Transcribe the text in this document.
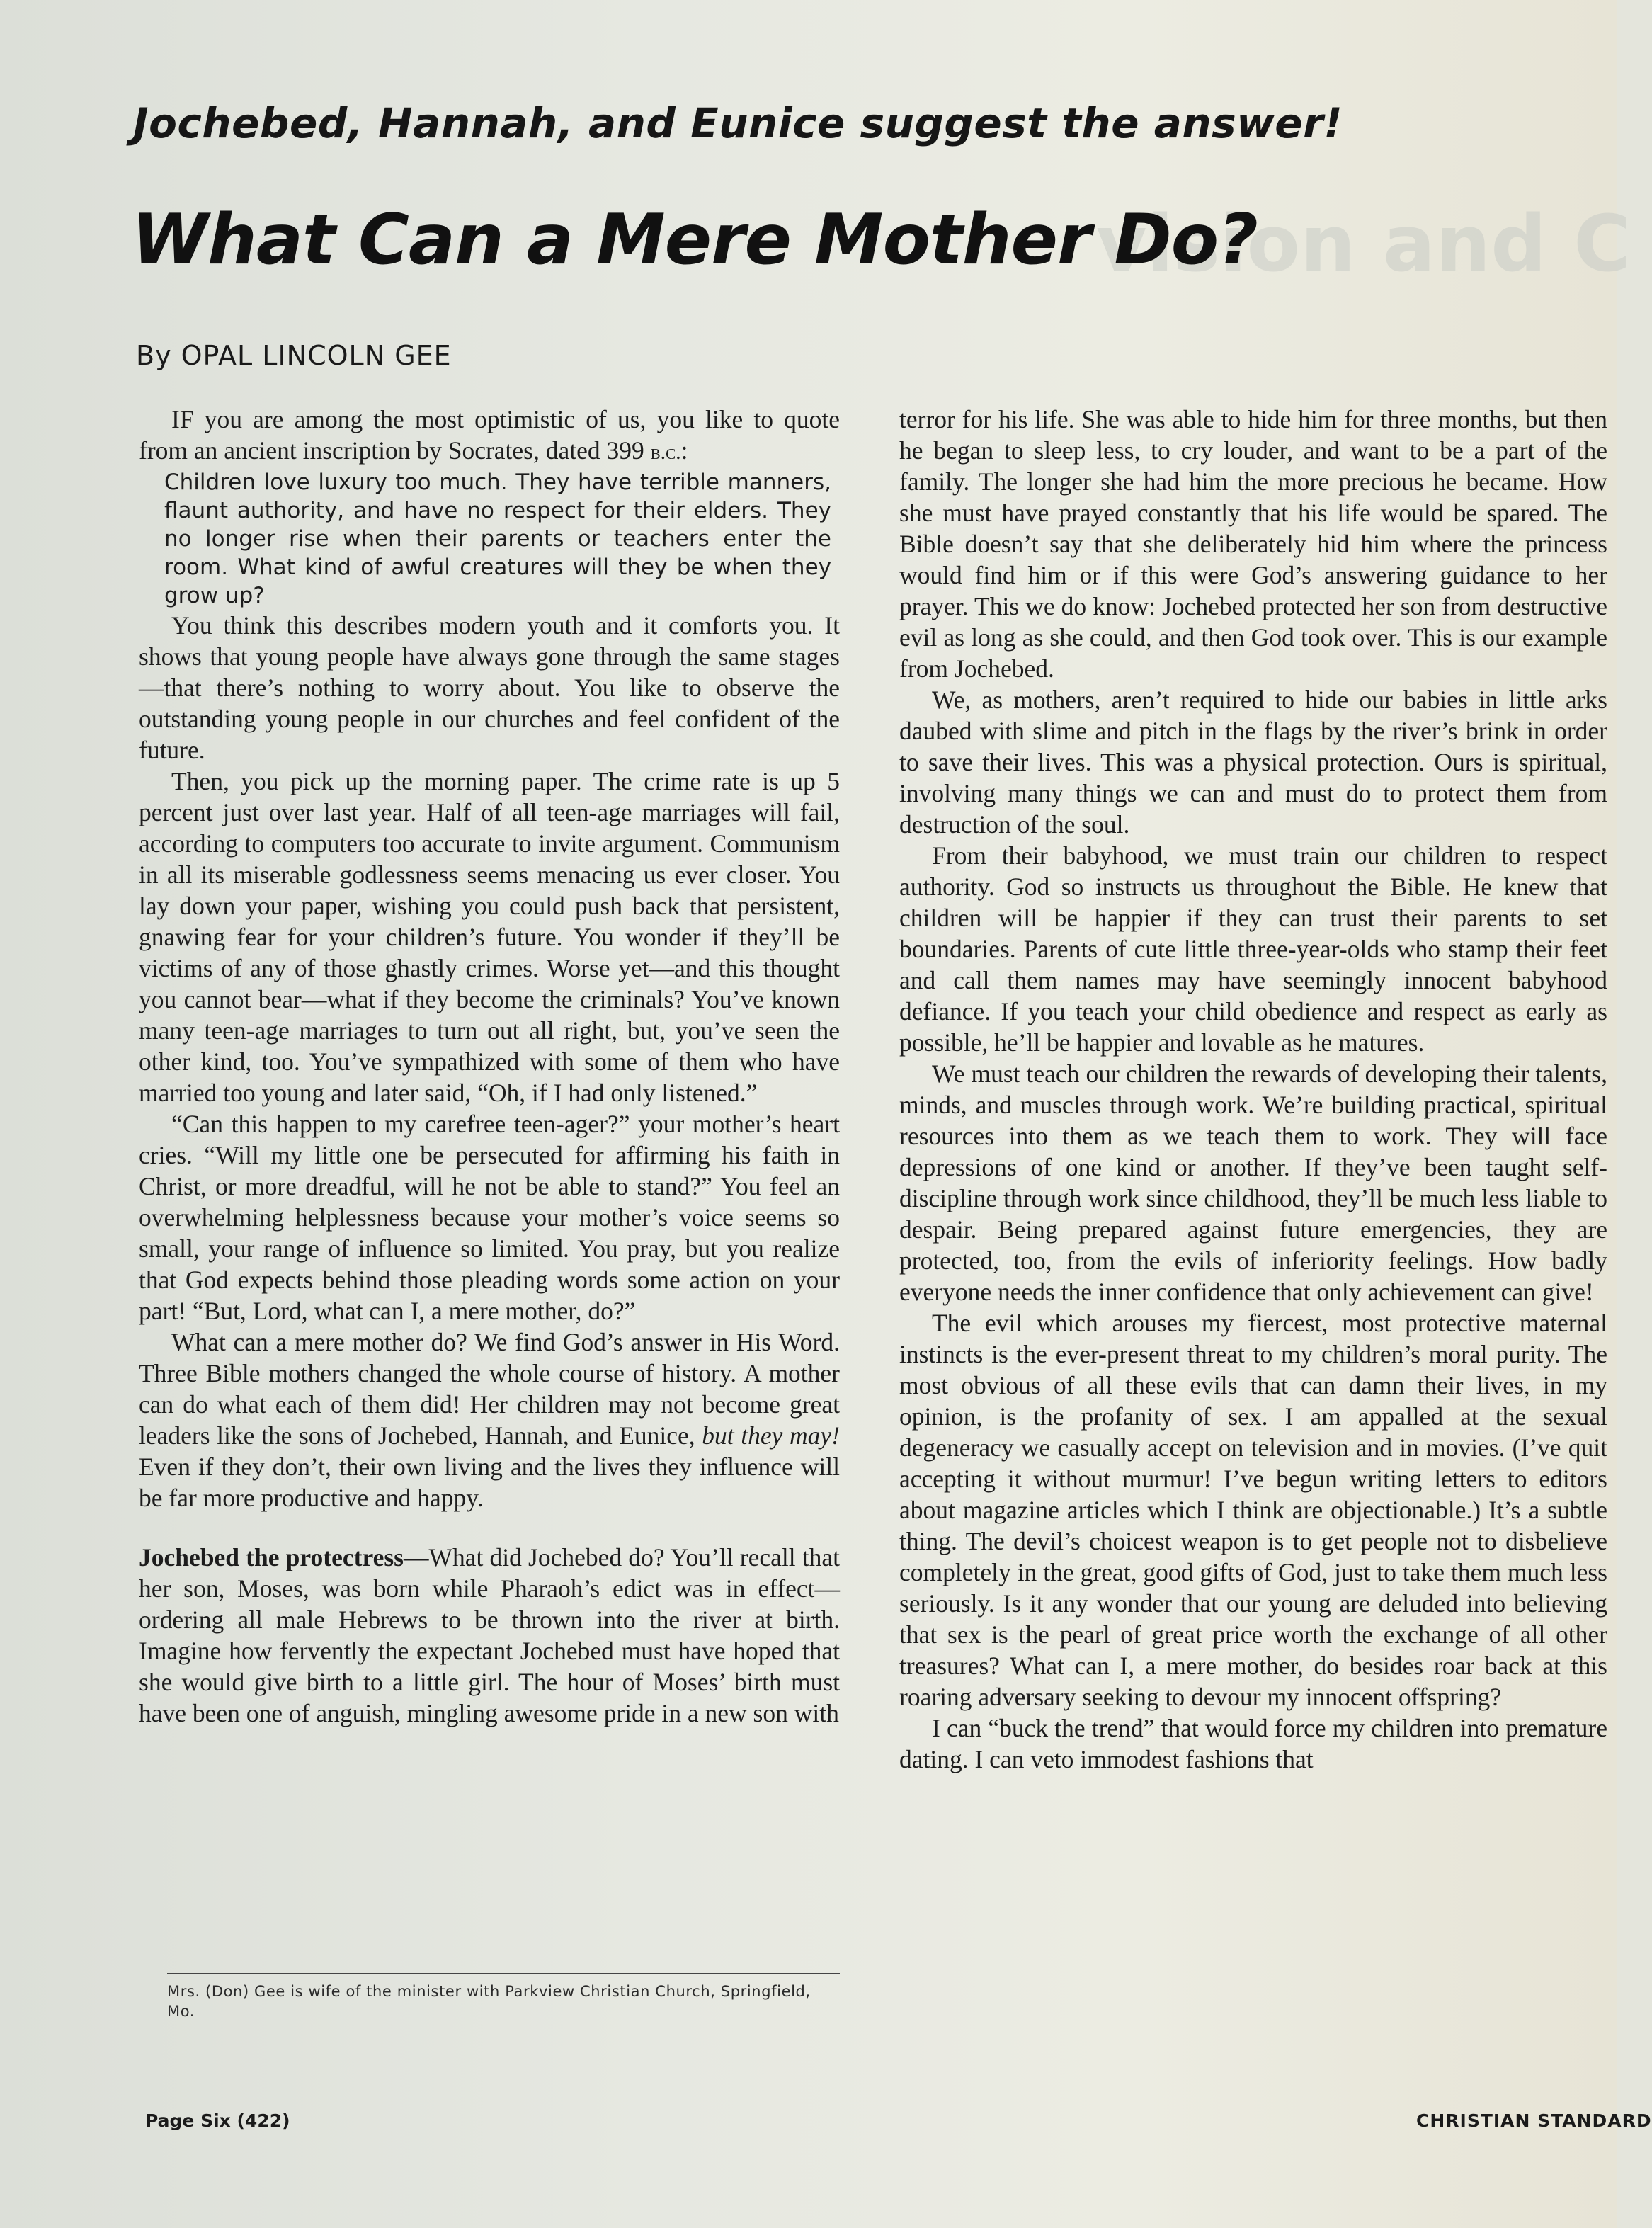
vision and C
Jochebed, Hannah, and Eunice suggest the answer!
What Can a Mere Mother Do?
By OPAL LINCOLN GEE

IF you are among the most optimistic of us, you like to quote from an ancient inscription by Socrates, dated 399 b.c.:

Children love luxury too much. They have terrible manners, flaunt authority, and have no respect for their elders. They no longer rise when their parents or teachers enter the room. What kind of awful creatures will they be when they grow up?

You think this describes modern youth and it comforts you. It shows that young people have always gone through the same stages—that there’s nothing to worry about. You like to observe the outstanding young people in our churches and feel confident of the future.

Then, you pick up the morning paper. The crime rate is up 5 percent just over last year. Half of all teen-age marriages will fail, according to computers too accurate to invite argument. Communism in all its miserable godlessness seems menacing us ever closer. You lay down your paper, wishing you could push back that persistent, gnawing fear for your children’s future. You wonder if they’ll be victims of any of those ghastly crimes. Worse yet—and this thought you cannot bear—what if they become the criminals? You’ve known many teen-age marriages to turn out all right, but, you’ve seen the other kind, too. You’ve sympathized with some of them who have married too young and later said, “Oh, if I had only listened.”

“Can this happen to my carefree teen-ager?” your mother’s heart cries. “Will my little one be persecuted for affirming his faith in Christ, or more dreadful, will he not be able to stand?” You feel an overwhelming helplessness because your mother’s voice seems so small, your range of influence so limited. You pray, but you realize that God expects behind those pleading words some action on your part! “But, Lord, what can I, a mere mother, do?”

What can a mere mother do? We find God’s answer in His Word. Three Bible mothers changed the whole course of history. A mother can do what each of them did! Her children may not become great leaders like the sons of Jochebed, Hannah, and Eunice, but they may! Even if they don’t, their own living and the lives they influence will be far more productive and happy.

Jochebed the protectress—What did Jochebed do? You’ll recall that her son, Moses, was born while Pharaoh’s edict was in effect—ordering all male Hebrews to be thrown into the river at birth. Imagine how fervently the expectant Jochebed must have hoped that she would give birth to a little girl. The hour of Moses’ birth must have been one of anguish, mingling awesome pride in a new son with

terror for his life. She was able to hide him for three months, but then he began to sleep less, to cry louder, and want to be a part of the family. The longer she had him the more precious he became. How she must have prayed constantly that his life would be spared. The Bible doesn’t say that she deliberately hid him where the princess would find him or if this were God’s answering guidance to her prayer. This we do know: Jochebed protected her son from destructive evil as long as she could, and then God took over. This is our example from Jochebed.

We, as mothers, aren’t required to hide our babies in little arks daubed with slime and pitch in the flags by the river’s brink in order to save their lives. This was a physical protection. Ours is spiritual, involving many things we can and must do to protect them from destruction of the soul.

From their babyhood, we must train our children to respect authority. God so instructs us throughout the Bible. He knew that children will be happier if they can trust their parents to set boundaries. Parents of cute little three-year-olds who stamp their feet and call them names may have seemingly innocent babyhood defiance. If you teach your child obedience and respect as early as possible, he’ll be happier and lovable as he matures.

We must teach our children the rewards of developing their talents, minds, and muscles through work. We’re building practical, spiritual resources into them as we teach them to work. They will face depressions of one kind or another. If they’ve been taught self-discipline through work since childhood, they’ll be much less liable to despair. Being prepared against future emergencies, they are protected, too, from the evils of inferiority feelings. How badly everyone needs the inner confidence that only achievement can give!

The evil which arouses my fiercest, most protective maternal instincts is the ever-present threat to my children’s moral purity. The most obvious of all these evils that can damn their lives, in my opinion, is the profanity of sex. I am appalled at the sexual degeneracy we casually accept on television and in movies. (I’ve quit accepting it without murmur! I’ve begun writing letters to editors about magazine articles which I think are objectionable.) It’s a subtle thing. The devil’s choicest weapon is to get people not to disbelieve completely in the great, good gifts of God, just to take them much less seriously. Is it any wonder that our young are deluded into believing that sex is the pearl of great price worth the exchange of all other treasures? What can I, a mere mother, do besides roar back at this roaring adversary seeking to devour my innocent offspring?

I can “buck the trend” that would force my children into premature dating. I can veto immodest fashions that

Mrs. (Don) Gee is wife of the minister with Parkview Christian Church, Springfield, Mo.
Page Six (422)	CHRISTIAN STANDARD
